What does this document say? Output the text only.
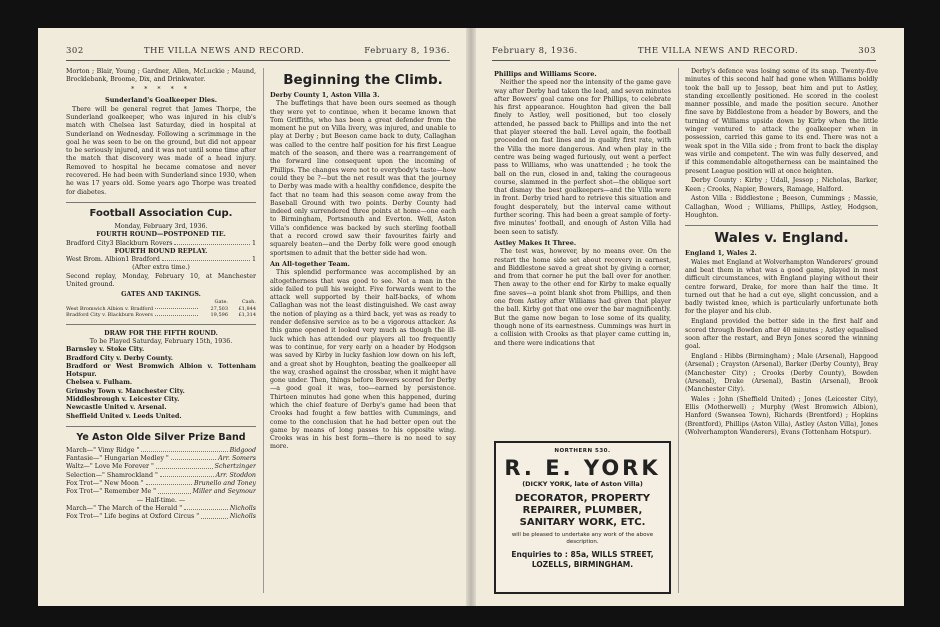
302	THE VILLA NEWS AND RECORD.	February 8, 1936.

Morton ; Blair, Young ; Gardner, Allen, McLuckie ; Maund, Brocklebank, Broome, Dix, and Drinkwater.

* * * * *
Sunderland's Goalkeeper Dies.

There will be general regret that James Thorpe, the Sunderland goalkeeper, who was injured in his club's match with Chelsea last Saturday, died in hospital at Sunderland on Wednesday. Following a scrimmage in the goal he was seen to be on the ground, but did not appear to be seriously injured, and it was not until some time after the match that discovery was made of a head injury. Removed to hospital he became comatose and never recovered. He had been with Sunderland since 1930, when he was 17 years old. Some years ago Thorpe was treated for diabetes.

Football Association Cup.
Monday, February 3rd, 1936.
FOURTH ROUND—POSTPONED TIE.
Bradford City 3 Blackburn Rovers	1
FOURTH ROUND REPLAY.
West Brom. Albion 1 Bradford	1
(After extra time.)

Second replay, Monday, February 10, at Manchester United ground.

GATES AND TAKINGS.
Gate.	Cash.
West Bromwich Albion v. Bradford	27,503	£1,844
Bradford City v. Blackburn Rovers	19,596	£1,314
DRAW FOR THE FIFTH ROUND.
To be Played Saturday, February 15th, 1936.
Barnsley v. Stoke City.
Bradford City v. Derby County.
Bradford or West Bromwich Albion v. Tottenham Hotspur.
Chelsea v. Fulham.
Grimsby Town v. Manchester City.
Middlesbrough v. Leicester City.
Newcastle United v. Arsenal.
Sheffield United v. Leeds United.
Ye Aston Olde Silver Prize Band
March—" Vimy Ridge "	Bidgood
Fantasie—" Hungarian Medley "	Arr. Somers
Waltz—" Love Me Forever "	Schertzinger
Selection—" Shamrockland "	Arr. Stoddon
Fox Trot—" New Moon "	Brunello and Toney
Fox Trot—" Remember Me "	Miller and Seymour
— Half-time. —
March—" The March of the Herald "	Nicholls
Fox Trot—" Life begins at Oxford Circus "	Nicholls
Beginning the Climb.
Derby County 1, Aston Villa 3.

The buffetings that have been ours seemed as though they were yet to continue, when it became known that Tom Griffiths, who has been a great defender from the moment he put on Villa livery, was injured, and unable to play at Derby ; but Beeson came back to duty, Callaghan was called to the centre half position for his first League match of the season, and there was a rearrangement of the forward line consequent upon the incoming of Phillips. The changes were not to everybody's taste—how could they be ?—but the net result was that the journey to Derby was made with a healthy confidence, despite the fact that no team had this season come away from the Baseball Ground with two points. Derby County had indeed only surrendered three points at home—one each to Birmingham, Portsmouth and Everton. Well, Aston Villa's confidence was backed by such sterling football that a record crowd saw their favourites fairly and squarely beaten—and the Derby folk were good enough sportsmen to admit that the better side had won.

An All-together Team.

This splendid performance was accomplished by an altogetherness that was good to see. Not a man in the side failed to pull his weight. Five forwards went to the attack well supported by their half-backs, of whom Callaghan was not the least distinguished. We cast away the notion of playing as a third back, yet was as ready to render defensive service as to be a vigorous attacker. As this game opened it looked very much as though the ill-luck which has attended our players all too frequently was to continue, for very early on a header by Hodgson was saved by Kirby in lucky fashion low down on his left, and a great shot by Houghton, beating the goalkeeper all the way, crashed against the crossbar, when it might have gone under. Then, things before Bowers scored for Derby—a good goal it was, too—earned by persistence. Thirteen minutes had gone when this happened, during which the chief feature of Derby's game had been that Crooks had fought a few battles with Cummings, and come to the conclusion that he had better open out the game by means of long passes to his opposite wing. Crooks was in his best form—there is no need to say more.

February 8, 1936.	THE VILLA NEWS AND RECORD.	303
Phillips and Williams Score.

Neither the speed nor the intensity of the game gave way after Derby had taken the lead, and seven minutes after Bowers' goal came one for Phillips, to celebrate his first appearance. Houghton had given the ball finely to Astley, well positioned, but too closely attended, he passed back to Phillips and into the net that player steered the ball. Level again, the football proceeded on fast lines and in quality first rate, with the Villa the more dangerous. And when play in the centre was being waged furiously, out went a perfect pass to Williams, who was unattended ; he took the ball on the run, closed in and, taking the courageous course, slammed in the perfect shot—the oblique sort that dismay the best goalkeepers—and the Villa were in front. Derby tried hard to retrieve this situation and fought desperately, but the interval came without further scoring. This had been a great sample of forty-five minutes' football, and enough of Aston Villa had been seen to satisfy.

Astley Makes It Three.

The test was, however, by no means over. On the restart the home side set about recovery in earnest, and Biddlestone saved a great shot by giving a corner, and from that corner he put the ball over for another. Then away to the other end for Kirby to make equally fine saves—a point blank shot from Phillips, and then one from Astley after Williams had given that player the ball. Kirby got that one over the bar magnificently. But the game now began to lose some of its quality, though none of its earnestness. Cummings was hurt in a collision with Crooks as that player came cutting in, and there were indications that

NORTHERN 530.
R. E. YORK
(DICKY YORK, late of Aston Villa)
DECORATOR, PROPERTY REPAIRER, PLUMBER, SANITARY WORK, ETC.
will be pleased to undertake any work of the above description.
Enquiries to : 85a, WILLS STREET, LOZELLS, BIRMINGHAM.

Derby's defence was losing some of its snap. Twenty-five minutes of this second half had gone when Williams boldly took the ball up to Jessop, beat him and put to Astley, standing excellently positioned. He scored in the coolest manner possible, and made the position secure. Another fine save by Biddlestone from a header by Bowers, and the turning of Williams upside down by Kirby when the little winger ventured to attack the goalkeeper when in possession, carried this game to its end. There was not a weak spot in the Villa side ; from front to back the display was virile and competent. The win was fully deserved, and if this commendable altogetherness can be maintained the present League position will at once heighten.

Derby County : Kirby ; Udall, Jessop ; Nicholas, Barker, Keen ; Crooks, Napier, Bowers, Ramage, Halford.

Aston Villa : Biddlestone ; Beeson, Cummings ; Massie, Callaghan, Wood ; Williams, Phillips, Astley, Hodgson, Houghton.

Wales v. England.
England 1, Wales 2.

Wales met England at Wolverhampton Wanderers' ground and beat them in what was a good game, played in most difficult circumstances, with England playing without their centre forward, Drake, for more than half the time. It turned out that he had a cut eye, slight concussion, and a badly twisted knee, which is particularly unfortunate both for the player and his club.

England provided the better side in the first half and scored through Bowden after 40 minutes ; Astley equalised soon after the restart, and Bryn Jones scored the winning goal.

England : Hibbs (Birmingham) ; Male (Arsenal), Hapgood (Arsenal) ; Crayston (Arsenal), Barker (Derby County), Bray (Manchester City) ; Crooks (Derby County), Bowden (Arsenal), Drake (Arsenal), Bastin (Arsenal), Brook (Manchester City).

Wales : John (Sheffield United) ; Jones (Leicester City), Ellis (Motherwell) ; Murphy (West Bromwich Albion), Hanford (Swansea Town), Richards (Brentford) ; Hopkins (Brentford), Phillips (Aston Villa), Astley (Aston Villa), Jones (Wolverhampton Wanderers), Evans (Tottenham Hotspur).
